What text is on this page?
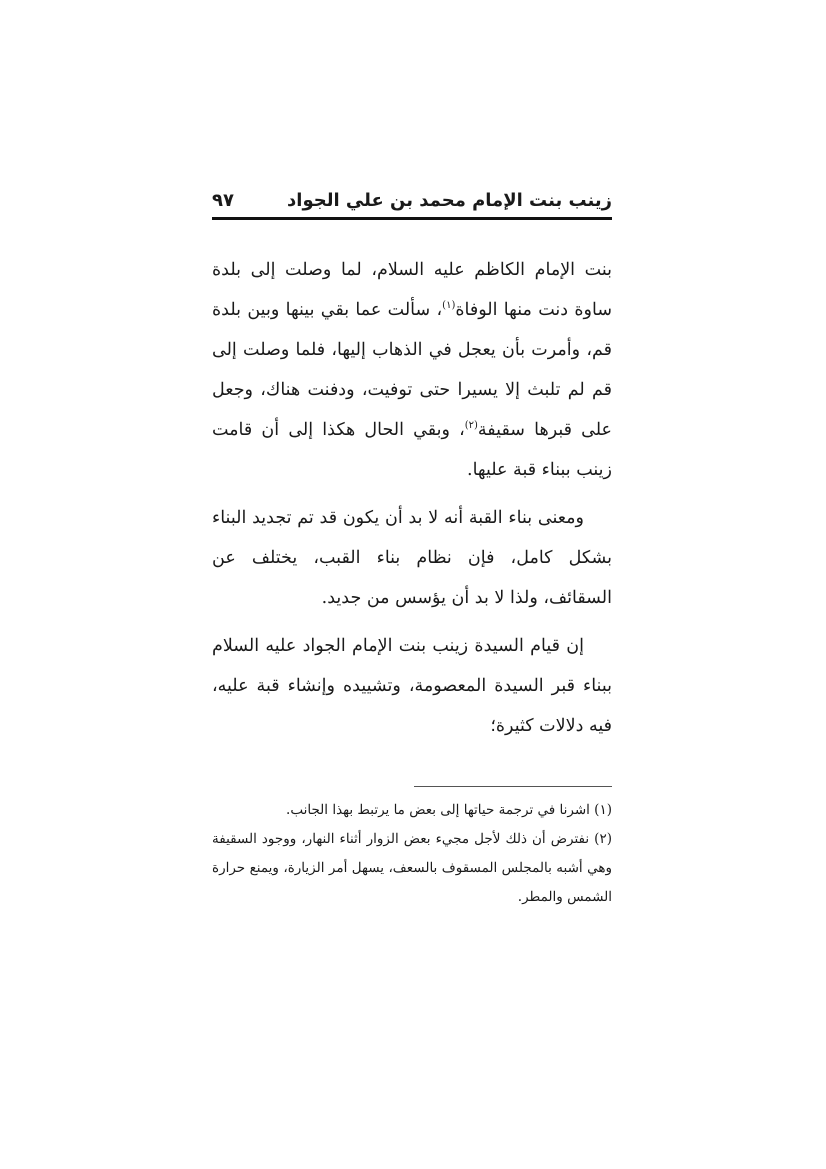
زينب بنت الإمام محمد بن علي الجواد
٩٧

بنت الإمام الكاظم عليه السلام، لما وصلت إلى بلدة ساوة دنت منها الوفاة$^{(١)}$، سألت عما بقي بينها وبين بلدة قم، وأمرت بأن يعجل في الذهاب إليها، فلما وصلت إلى قم لم تلبث إلا يسيرا حتى توفيت، ودفنت هناك، وجعل على قبرها سقيفة$^{(٢)}$، وبقي الحال هكذا إلى أن قامت زينب ببناء قبة عليها.

ومعنى بناء القبة أنه لا بد أن يكون قد تم تجديد البناء بشكل كامل، فإن نظام بناء القبب، يختلف عن السقائف، ولذا لا بد أن يؤسس من جديد.

إن قيام السيدة زينب بنت الإمام الجواد عليه السلام ببناء قبر السيدة المعصومة، وتشييده وإنشاء قبة عليه، فيه دلالات كثيرة؛

(١) اشرنا في ترجمة حياتها إلى بعض ما يرتبط بهذا الجانب.

(٢) نفترض أن ذلك لأجل مجيء بعض الزوار أثناء النهار، ووجود السقيفة وهي أشبه بالمجلس المسقوف بالسعف، يسهل أمر الزيارة، ويمنع حرارة الشمس والمطر.
